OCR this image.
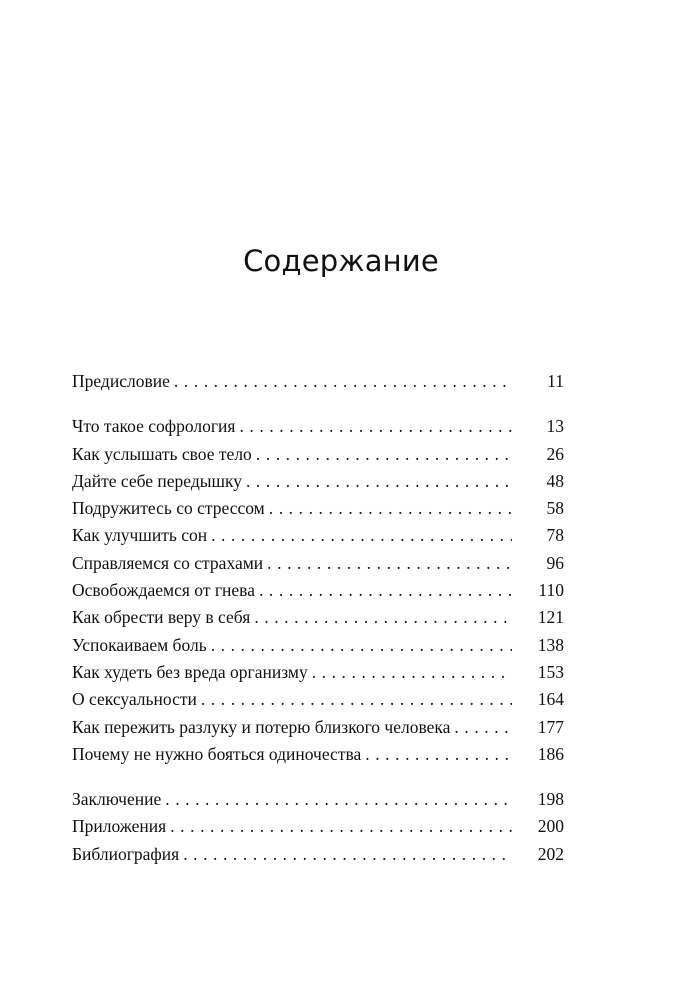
Содержание
Предисловие . . .	11
Что такое софрология . . .	13
Как услышать свое тело . . .	26
Дайте себе передышку . . .	48
Подружитесь со стрессом . . .	58
Как улучшить сон . . .	78
Справляемся со страхами . . .	96
Освобождаемся от гнева . . .	110
Как обрести веру в себя . . .	121
Успокаиваем боль . . .	138
Как худеть без вреда организму . . .	153
О сексуальности . . .	164
Как пережить разлуку и потерю близкого человека . . .	177
Почему не нужно бояться одиночества . . .	186
Заключение . . .	198
Приложения . . .	200
Библиография . . .	202
